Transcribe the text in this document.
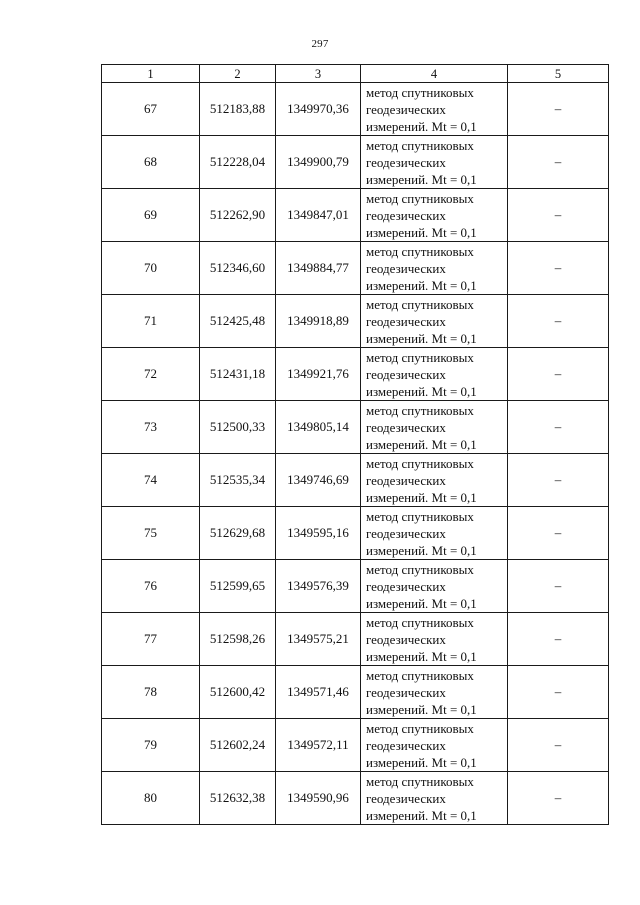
297
1	2	3	4	5
67	512183,88	1349970,36	метод спутниковых
геодезических
измерений. Mt = 0,1	–
68	512228,04	1349900,79	метод спутниковых
геодезических
измерений. Mt = 0,1	–
69	512262,90	1349847,01	метод спутниковых
геодезических
измерений. Mt = 0,1	–
70	512346,60	1349884,77	метод спутниковых
геодезических
измерений. Mt = 0,1	–
71	512425,48	1349918,89	метод спутниковых
геодезических
измерений. Mt = 0,1	–
72	512431,18	1349921,76	метод спутниковых
геодезических
измерений. Mt = 0,1	–
73	512500,33	1349805,14	метод спутниковых
геодезических
измерений. Mt = 0,1	–
74	512535,34	1349746,69	метод спутниковых
геодезических
измерений. Mt = 0,1	–
75	512629,68	1349595,16	метод спутниковых
геодезических
измерений. Mt = 0,1	–
76	512599,65	1349576,39	метод спутниковых
геодезических
измерений. Mt = 0,1	–
77	512598,26	1349575,21	метод спутниковых
геодезических
измерений. Mt = 0,1	–
78	512600,42	1349571,46	метод спутниковых
геодезических
измерений. Mt = 0,1	–
79	512602,24	1349572,11	метод спутниковых
геодезических
измерений. Mt = 0,1	–
80	512632,38	1349590,96	метод спутниковых
геодезических
измерений. Mt = 0,1	–
